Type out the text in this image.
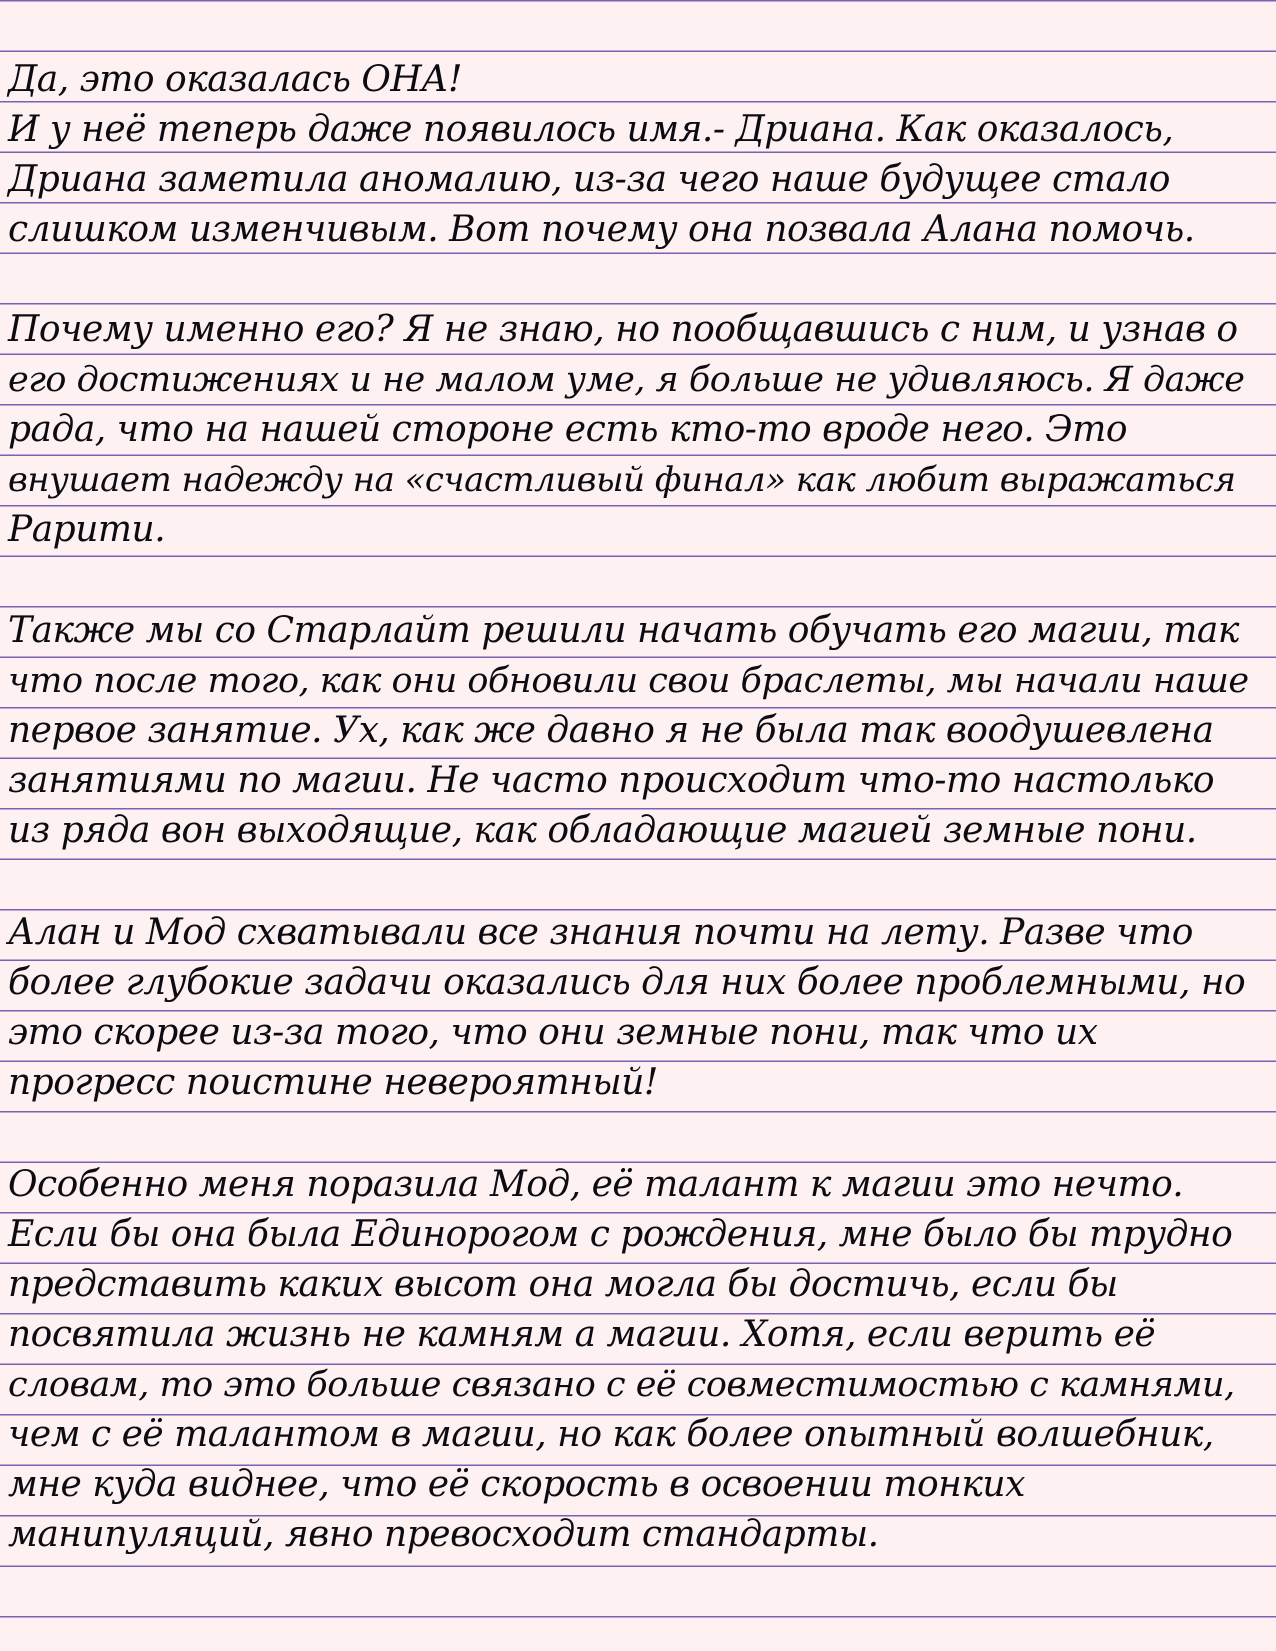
Да, это оказалась ОНА!
И у неё теперь даже появилось имя.- Дриана. Как оказалось,
Дриана заметила аномалию, из-за чего наше будущее стало
слишком изменчивым. Вот почему она позвала Алана помочь.
Почему именно его? Я не знаю, но пообщавшись с ним, и узнав о
его достижениях и не малом уме, я больше не удивляюсь. Я даже
рада, что на нашей стороне есть кто-то вроде него. Это
внушает надежду на «счастливый финал» как любит выражаться
Рарити.
Также мы со Старлайт решили начать обучать его магии, так
что после того, как они обновили свои браслеты, мы начали наше
первое занятие. Ух, как же давно я не была так воодушевлена
занятиями по магии. Не часто происходит что-то настолько
из ряда вон выходящие, как обладающие магией земные пони.
Алан и Мод схватывали все знания почти на лету. Разве что
более глубокие задачи оказались для них более проблемными, но
это скорее из-за того, что они земные пони, так что их
прогресс поистине невероятный!
Особенно меня поразила Мод, её талант к магии это нечто.
Если бы она была Единорогом с рождения, мне было бы трудно
представить каких высот она могла бы достичь, если бы
посвятила жизнь не камням а магии. Хотя, если верить её
словам, то это больше связано с её совместимостью с камнями,
чем с её талантом в магии, но как более опытный волшебник,
мне куда виднее, что её скорость в освоении тонких
манипуляций, явно превосходит стандарты.
